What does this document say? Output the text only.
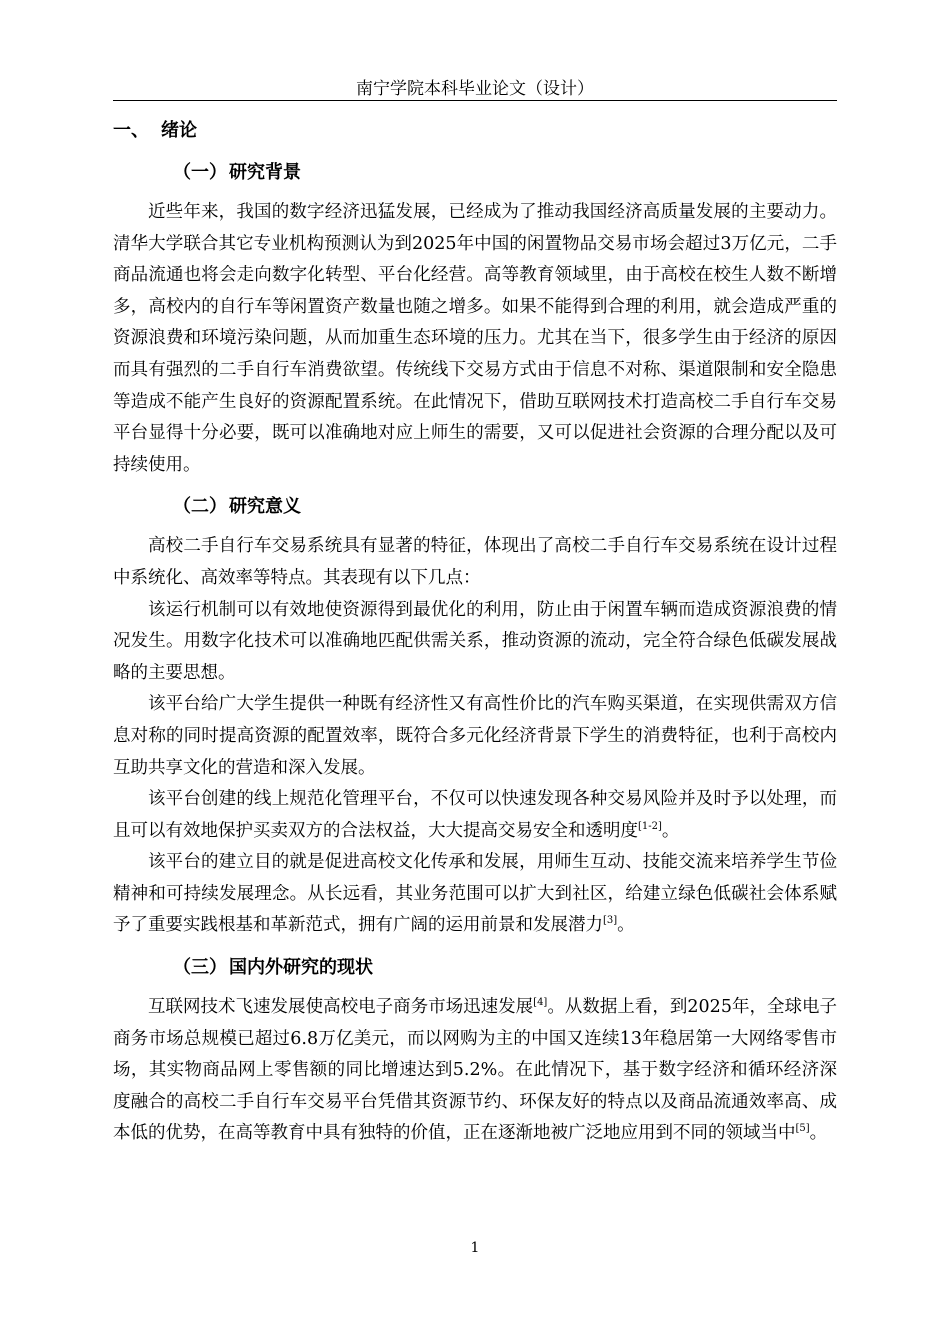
南宁学院本科毕业论文（设计）
一、 绪论
（一） 研究背景

近些年来，我国的数字经济迅猛发展，已经成为了推动我国经济高质量发展的主要动力。清华大学联合其它专业机构预测认为到2025年中国的闲置物品交易市场会超过3万亿元，二手商品流通也将会走向数字化转型、平台化经营。高等教育领域里，由于高校在校生人数不断增多，高校内的自行车等闲置资产数量也随之增多。如果不能得到合理的利用，就会造成严重的资源浪费和环境污染问题，从而加重生态环境的压力。尤其在当下，很多学生由于经济的原因而具有强烈的二手自行车消费欲望。传统线下交易方式由于信息不对称、渠道限制和安全隐患等造成不能产生良好的资源配置系统。在此情况下，借助互联网技术打造高校二手自行车交易平台显得十分必要，既可以准确地对应上师生的需要，又可以促进社会资源的合理分配以及可持续使用。

（二） 研究意义

高校二手自行车交易系统具有显著的特征，体现出了高校二手自行车交易系统在设计过程中系统化、高效率等特点。其表现有以下几点：

该运行机制可以有效地使资源得到最优化的利用，防止由于闲置车辆而造成资源浪费的情况发生。用数字化技术可以准确地匹配供需关系，推动资源的流动，完全符合绿色低碳发展战略的主要思想。

该平台给广大学生提供一种既有经济性又有高性价比的汽车购买渠道，在实现供需双方信息对称的同时提高资源的配置效率，既符合多元化经济背景下学生的消费特征，也利于高校内互助共享文化的营造和深入发展。

该平台创建的线上规范化管理平台，不仅可以快速发现各种交易风险并及时予以处理，而且可以有效地保护买卖双方的合法权益，大大提高交易安全和透明度[1-2]。

该平台的建立目的就是促进高校文化传承和发展，用师生互动、技能交流来培养学生节俭精神和可持续发展理念。从长远看，其业务范围可以扩大到社区，给建立绿色低碳社会体系赋予了重要实践根基和革新范式，拥有广阔的运用前景和发展潜力[3]。

（三） 国内外研究的现状

互联网技术飞速发展使高校电子商务市场迅速发展[4]。从数据上看，到2025年，全球电子商务市场总规模已超过6.8万亿美元，而以网购为主的中国又连续13年稳居第一大网络零售市场，其实物商品网上零售额的同比增速达到5.2%。在此情况下，基于数字经济和循环经济深度融合的高校二手自行车交易平台凭借其资源节约、环保友好的特点以及商品流通效率高、成本低的优势，在高等教育中具有独特的价值，正在逐渐地被广泛地应用到不同的领域当中[5]。

1
